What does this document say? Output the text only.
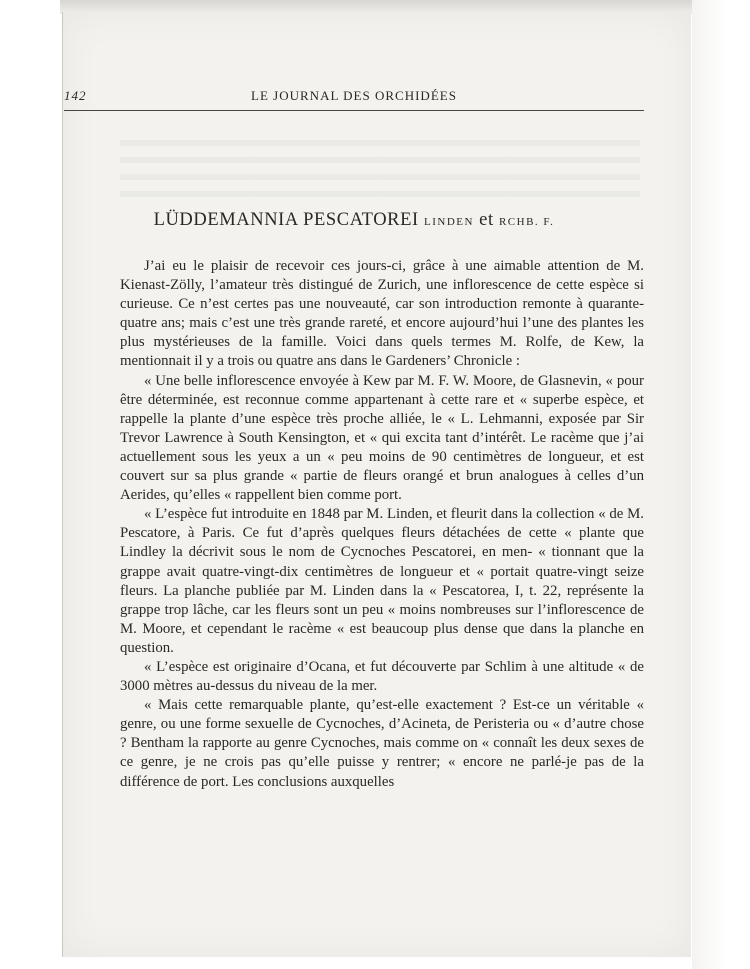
142	LE JOURNAL DES ORCHIDÉES
LÜDDEMANNIA PESCATOREI LINDEN et RCHB. F.

J’ai eu le plaisir de recevoir ces jours-ci, grâce à une aimable attention de M. Kienast-Zölly, l’amateur très distingué de Zurich, une inflorescence de cette espèce si curieuse. Ce n’est certes pas une nouveauté, car son introduction remonte à quarante-quatre ans; mais c’est une très grande rareté, et encore aujourd’hui l’une des plantes les plus mystérieuses de la famille. Voici dans quels termes M. Rolfe, de Kew, la mentionnait il y a trois ou quatre ans dans le Gardeners’ Chronicle :

« Une belle inflorescence envoyée à Kew par M. F. W. Moore, de Glasnevin, « pour être déterminée, est reconnue comme appartenant à cette rare et « superbe espèce, et rappelle la plante d’une espèce très proche alliée, le « L. Lehmanni, exposée par Sir Trevor Lawrence à South Kensington, et « qui excita tant d’intérêt. Le racème que j’ai actuellement sous les yeux a un « peu moins de 90 centimètres de longueur, et est couvert sur sa plus grande « partie de fleurs orangé et brun analogues à celles d’un Aerides, qu’elles « rappellent bien comme port.

« L’espèce fut introduite en 1848 par M. Linden, et fleurit dans la collection « de M. Pescatore, à Paris. Ce fut d’après quelques fleurs détachées de cette « plante que Lindley la décrivit sous le nom de Cycnoches Pescatorei, en men- « tionnant que la grappe avait quatre-vingt-dix centimètres de longueur et « portait quatre-vingt seize fleurs. La planche publiée par M. Linden dans la « Pescatorea, I, t. 22, représente la grappe trop lâche, car les fleurs sont un peu « moins nombreuses sur l’inflorescence de M. Moore, et cependant le racème « est beaucoup plus dense que dans la planche en question.

« L’espèce est originaire d’Ocana, et fut découverte par Schlim à une altitude « de 3000 mètres au-dessus du niveau de la mer.

« Mais cette remarquable plante, qu’est-elle exactement ? Est-ce un véritable « genre, ou une forme sexuelle de Cycnoches, d’Acineta, de Peristeria ou « d’autre chose ? Bentham la rapporte au genre Cycnoches, mais comme on « connaît les deux sexes de ce genre, je ne crois pas qu’elle puisse y rentrer; « encore ne parlé-je pas de la différence de port. Les conclusions auxquelles
